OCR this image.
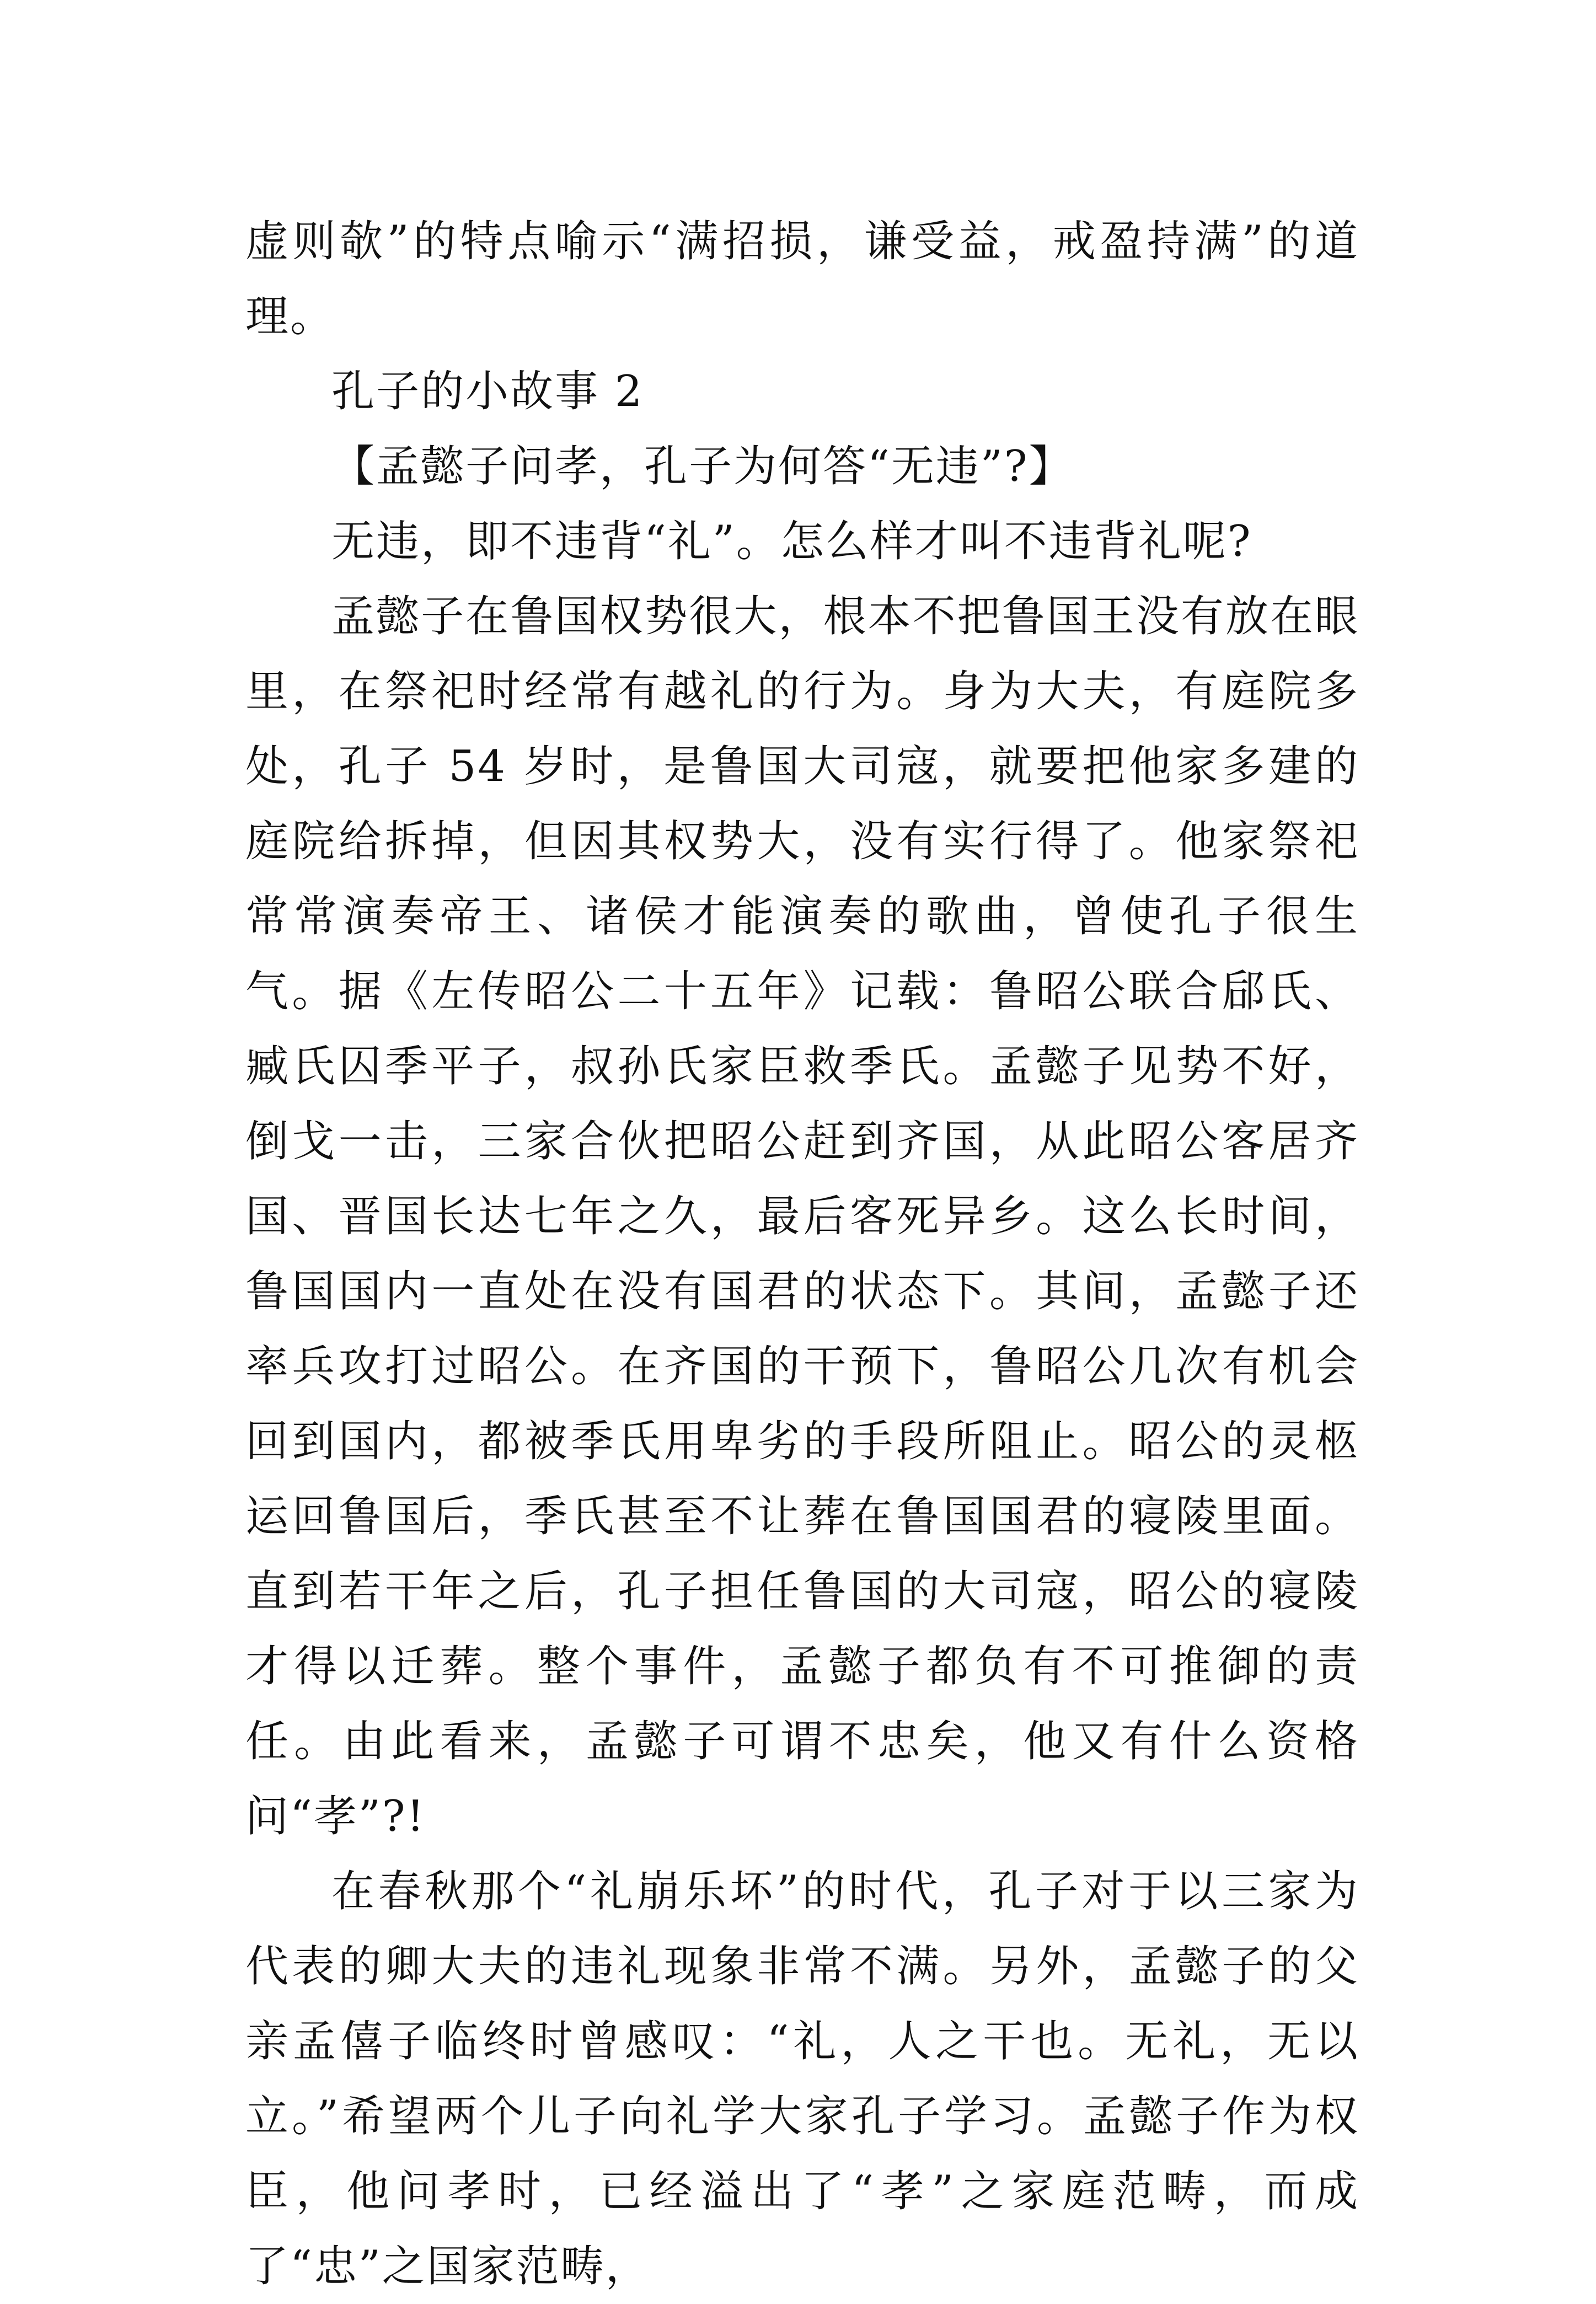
虚则欹”的特点喻示“满招损，谦受益，戒盈持满”的道理。

孔子的小故事 2

【孟懿子问孝，孔子为何答“无违”?】

无违，即不违背“礼”。怎么样才叫不违背礼呢?

孟懿子在鲁国权势很大，根本不把鲁国王没有放在眼里，在祭祀时经常有越礼的行为。身为大夫，有庭院多处，孔子 54 岁时，是鲁国大司寇，就要把他家多建的庭院给拆掉，但因其权势大，没有实行得了。他家祭祀常常演奏帝王、诸侯才能演奏的歌曲，曾使孔子很生气。据《左传昭公二十五年》记载：鲁昭公联合郈氏、臧氏囚季平子，叔孙氏家臣救季氏。孟懿子见势不好，倒戈一击，三家合伙把昭公赶到齐国，从此昭公客居齐国、晋国长达七年之久，最后客死异乡。这么长时间，鲁国国内一直处在没有国君的状态下。其间，孟懿子还率兵攻打过昭公。在齐国的干预下，鲁昭公几次有机会回到国内，都被季氏用卑劣的手段所阻止。昭公的灵柩运回鲁国后，季氏甚至不让葬在鲁国国君的寝陵里面。直到若干年之后，孔子担任鲁国的大司寇，昭公的寝陵才得以迁葬。整个事件，孟懿子都负有不可推御的责任。由此看来，孟懿子可谓不忠矣，他又有什么资格问“孝”?!

在春秋那个“礼崩乐坏”的时代，孔子对于以三家为代表的卿大夫的违礼现象非常不满。另外，孟懿子的父亲孟僖子临终时曾感叹：“礼，人之干也。无礼，无以立。”希望两个儿子向礼学大家孔子学习。孟懿子作为权臣，他问孝时，已经溢出了“孝”之家庭范畴，而成了“忠”之国家范畴，
